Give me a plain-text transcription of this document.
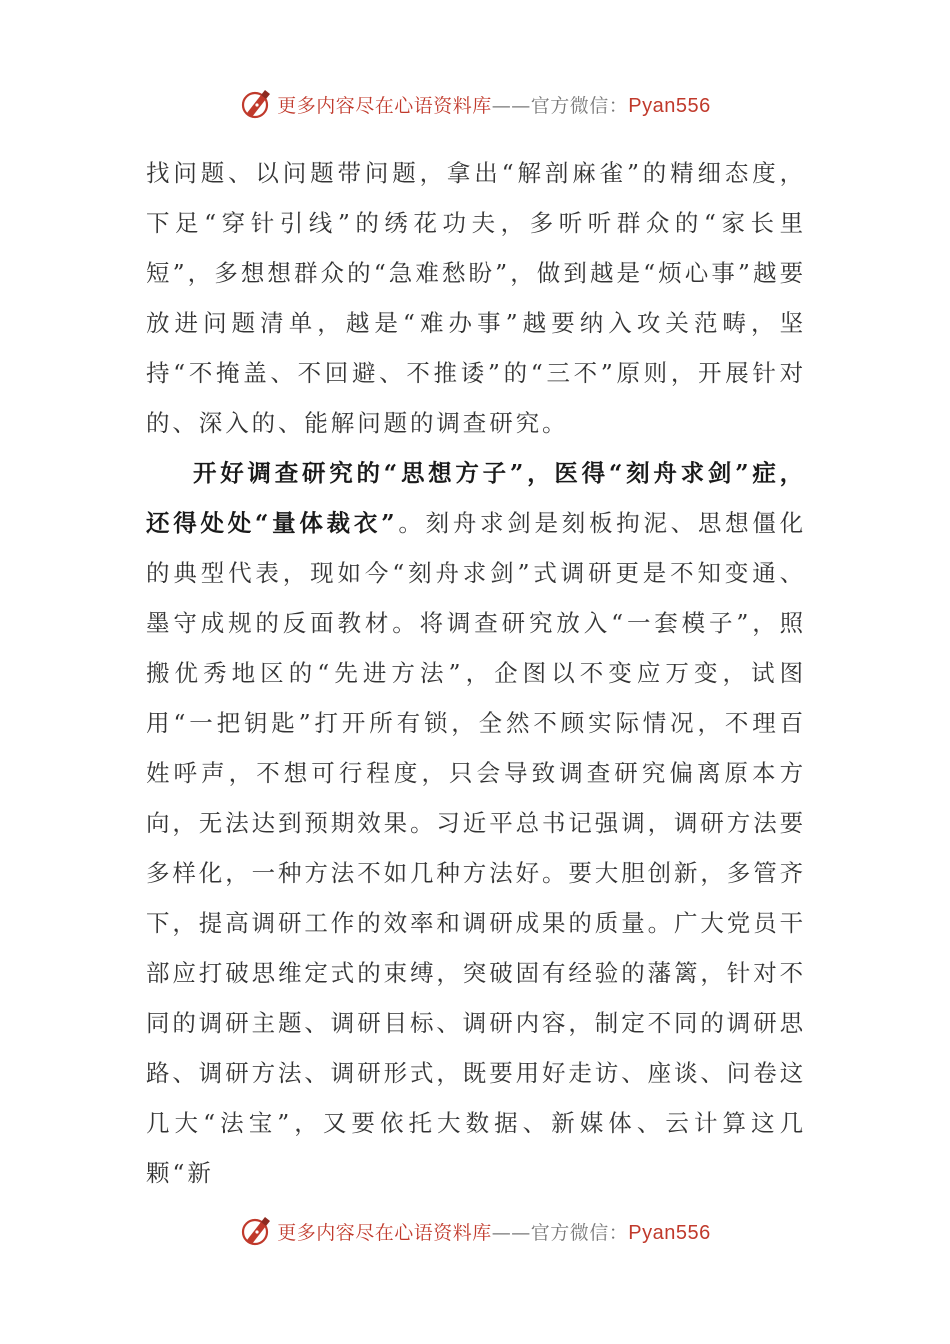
更多内容尽在心语资料库——官方微信：Pyan556

找问题、以问题带问题，拿出“解剖麻雀”的精细态度，下足“穿针引线”的绣花功夫，多听听群众的“家长里短”，多想想群众的“急难愁盼”，做到越是“烦心事”越要放进问题清单，越是“难办事”越要纳入攻关范畴，坚持“不掩盖、不回避、不推诿”的“三不”原则，开展针对的、深入的、能解问题的调查研究。

开好调查研究的“思想方子”，医得“刻舟求剑”症，还得处处“量体裁衣”。刻舟求剑是刻板拘泥、思想僵化的典型代表，现如今“刻舟求剑”式调研更是不知变通、墨守成规的反面教材。将调查研究放入“一套模子”，照搬优秀地区的“先进方法”，企图以不变应万变，试图用“一把钥匙”打开所有锁，全然不顾实际情况，不理百姓呼声，不想可行程度，只会导致调查研究偏离原本方向，无法达到预期效果。习近平总书记强调，调研方法要多样化，一种方法不如几种方法好。要大胆创新，多管齐下，提高调研工作的效率和调研成果的质量。广大党员干部应打破思维定式的束缚，突破固有经验的藩篱，针对不同的调研主题、调研目标、调研内容，制定不同的调研思路、调研方法、调研形式，既要用好走访、座谈、问卷这几大“法宝”，又要依托大数据、新媒体、云计算这几颗“新

更多内容尽在心语资料库——官方微信：Pyan556
